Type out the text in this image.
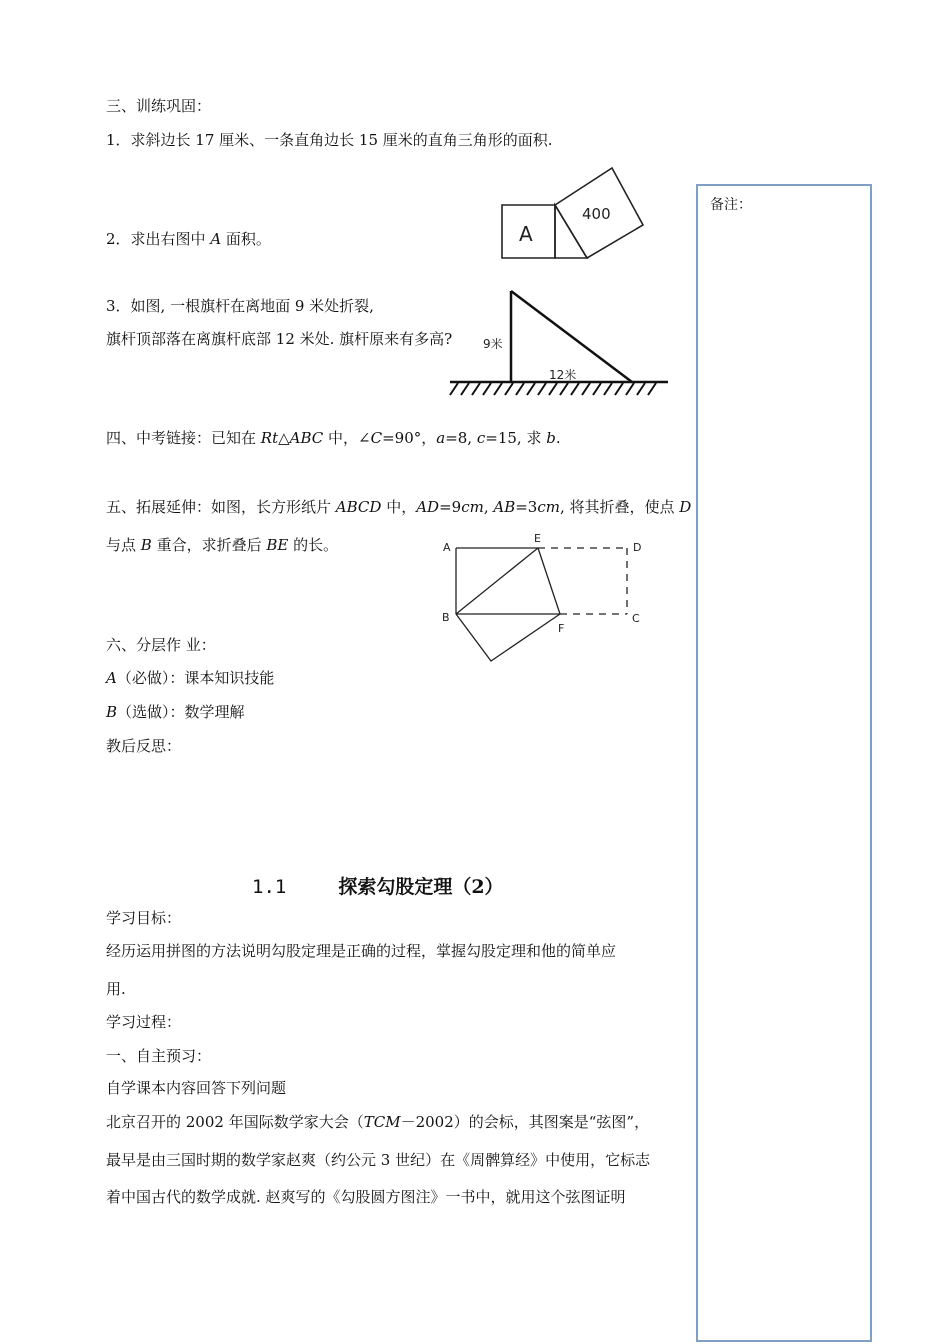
三、训练巩固：
1．求斜边长 17 厘米、一条直角边长 15 厘米的直角三角形的面积.
2．求出右图中 A 面积。
3．如图, 一根旗杆在离地面 9 米处折裂,
旗杆顶部落在离旗杆底部 12 米处. 旗杆原来有多高?
A
400
9米
12米
四、中考链接：已知在 Rt△ABC 中，∠C=90°，a=8, c=15, 求 b.
五、拓展延伸：如图，长方形纸片 ABCD 中，AD=9cm, AB=3cm, 将其折叠，使点 D
与点 B 重合，求折叠后 BE 的长。	A
E
D
B
F
C
六、分层作 业：
A（必做）：课本知识技能
B（选做）：数学理解
教后反思：
备注：
1.1	探索勾股定理（2）
学习目标：
经历运用拼图的方法说明勾股定理是正确的过程，掌握勾股定理和他的简单应
用.
学习过程：
一、自主预习：
自学课本内容回答下列问题
北京召开的 2002 年国际数学家大会（TCM－2002）的会标，其图案是“弦图”，
最早是由三国时期的数学家赵爽（约公元 3 世纪）在《周髀算经》中使用，它标志
着中国古代的数学成就. 赵爽写的《勾股圆方图注》一书中，就用这个弦图证明
